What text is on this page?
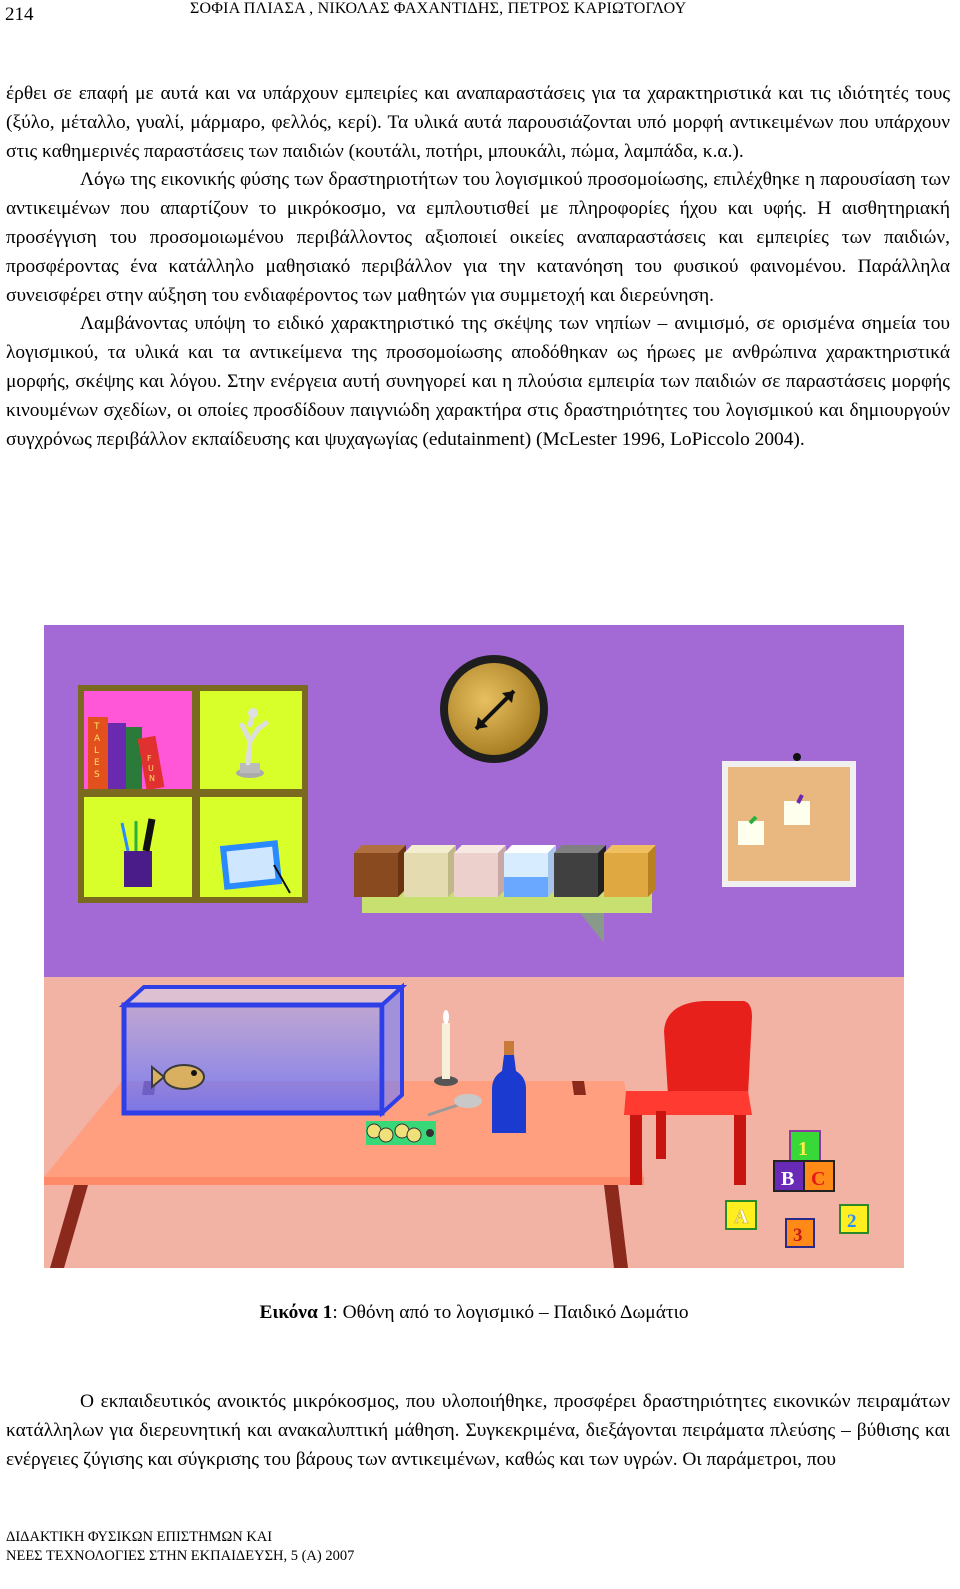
214	ΣΟΦΙΑ ΠΛΙΑΣΑ , ΝΙΚΟΛΑΣ ΦΑΧΑΝΤΙΔΗΣ, ΠΕΤΡΟΣ ΚΑΡΙΩΤΟΓΛΟΥ

έρθει σε επαφή με αυτά και να υπάρχουν εμπειρίες και αναπαραστάσεις για τα χαρακτηριστικά και τις ιδιότητές τους (ξύλο, μέταλλο, γυαλί, μάρμαρο, φελλός, κερί). Τα υλικά αυτά παρουσιάζονται υπό μορφή αντικειμένων που υπάρχουν στις καθημερινές παραστάσεις των παιδιών (κουτάλι, ποτήρι, μπουκάλι, πώμα, λαμπάδα, κ.α.).

Λόγω της εικονικής φύσης των δραστηριοτήτων του λογισμικού προσομοίωσης, επιλέχθηκε η παρουσίαση των αντικειμένων που απαρτίζουν το μικρόκοσμο, να εμπλουτισθεί με πληροφορίες ήχου και υφής. Η αισθητηριακή προσέγγιση του προσομοιωμένου περιβάλλοντος αξιοποιεί οικείες αναπαραστάσεις και εμπειρίες των παιδιών, προσφέροντας ένα κατάλληλο μαθησιακό περιβάλλον για την κατανόηση του φυσικού φαινομένου. Παράλληλα συνεισφέρει στην αύξηση του ενδιαφέροντος των μαθητών για συμμετοχή και διερεύνηση.

Λαμβάνοντας υπόψη το ειδικό χαρακτηριστικό της σκέψης των νηπίων – ανιμισμό, σε ορισμένα σημεία του λογισμικού, τα υλικά και τα αντικείμενα της προσομοίωσης αποδόθηκαν ως ήρωες με ανθρώπινα χαρακτηριστικά μορφής, σκέψης και λόγου. Στην ενέργεια αυτή συνηγορεί και η πλούσια εμπειρία των παιδιών σε παραστάσεις μορφής κινουμένων σχεδίων, οι οποίες προσδίδουν παιγνιώδη χαρακτήρα στις δραστηριότητες του λογισμικού και δημιουργούν συγχρόνως περιβάλλον εκπαίδευσης και ψυχαγωγίας (edutainment) (McLester 1996, LoPiccolo 2004).

T
A
L
E
S
F
U
N
1
B C
A
3
2
Εικόνα 1: Οθόνη από το λογισμικό – Παιδικό Δωμάτιο

Ο εκπαιδευτικός ανοικτός μικρόκοσμος, που υλοποιήθηκε, προσφέρει δραστηριότητες εικονικών πειραμάτων κατάλληλων για διερευνητική και ανακαλυπτική μάθηση. Συγκεκριμένα, διεξάγονται πειράματα πλεύσης – βύθισης και ενέργειες ζύγισης και σύγκρισης του βάρους των αντικειμένων, καθώς και των υγρών. Οι παράμετροι, που

ΔΙΔΑΚΤΙΚΗ ΦΥΣΙΚΩΝ ΕΠΙΣΤΗΜΩΝ ΚΑΙ
ΝΕΕΣ ΤΕΧΝΟΛΟΓΙΕΣ ΣΤΗΝ ΕΚΠΑΙΔΕΥΣΗ, 5 (Α) 2007
